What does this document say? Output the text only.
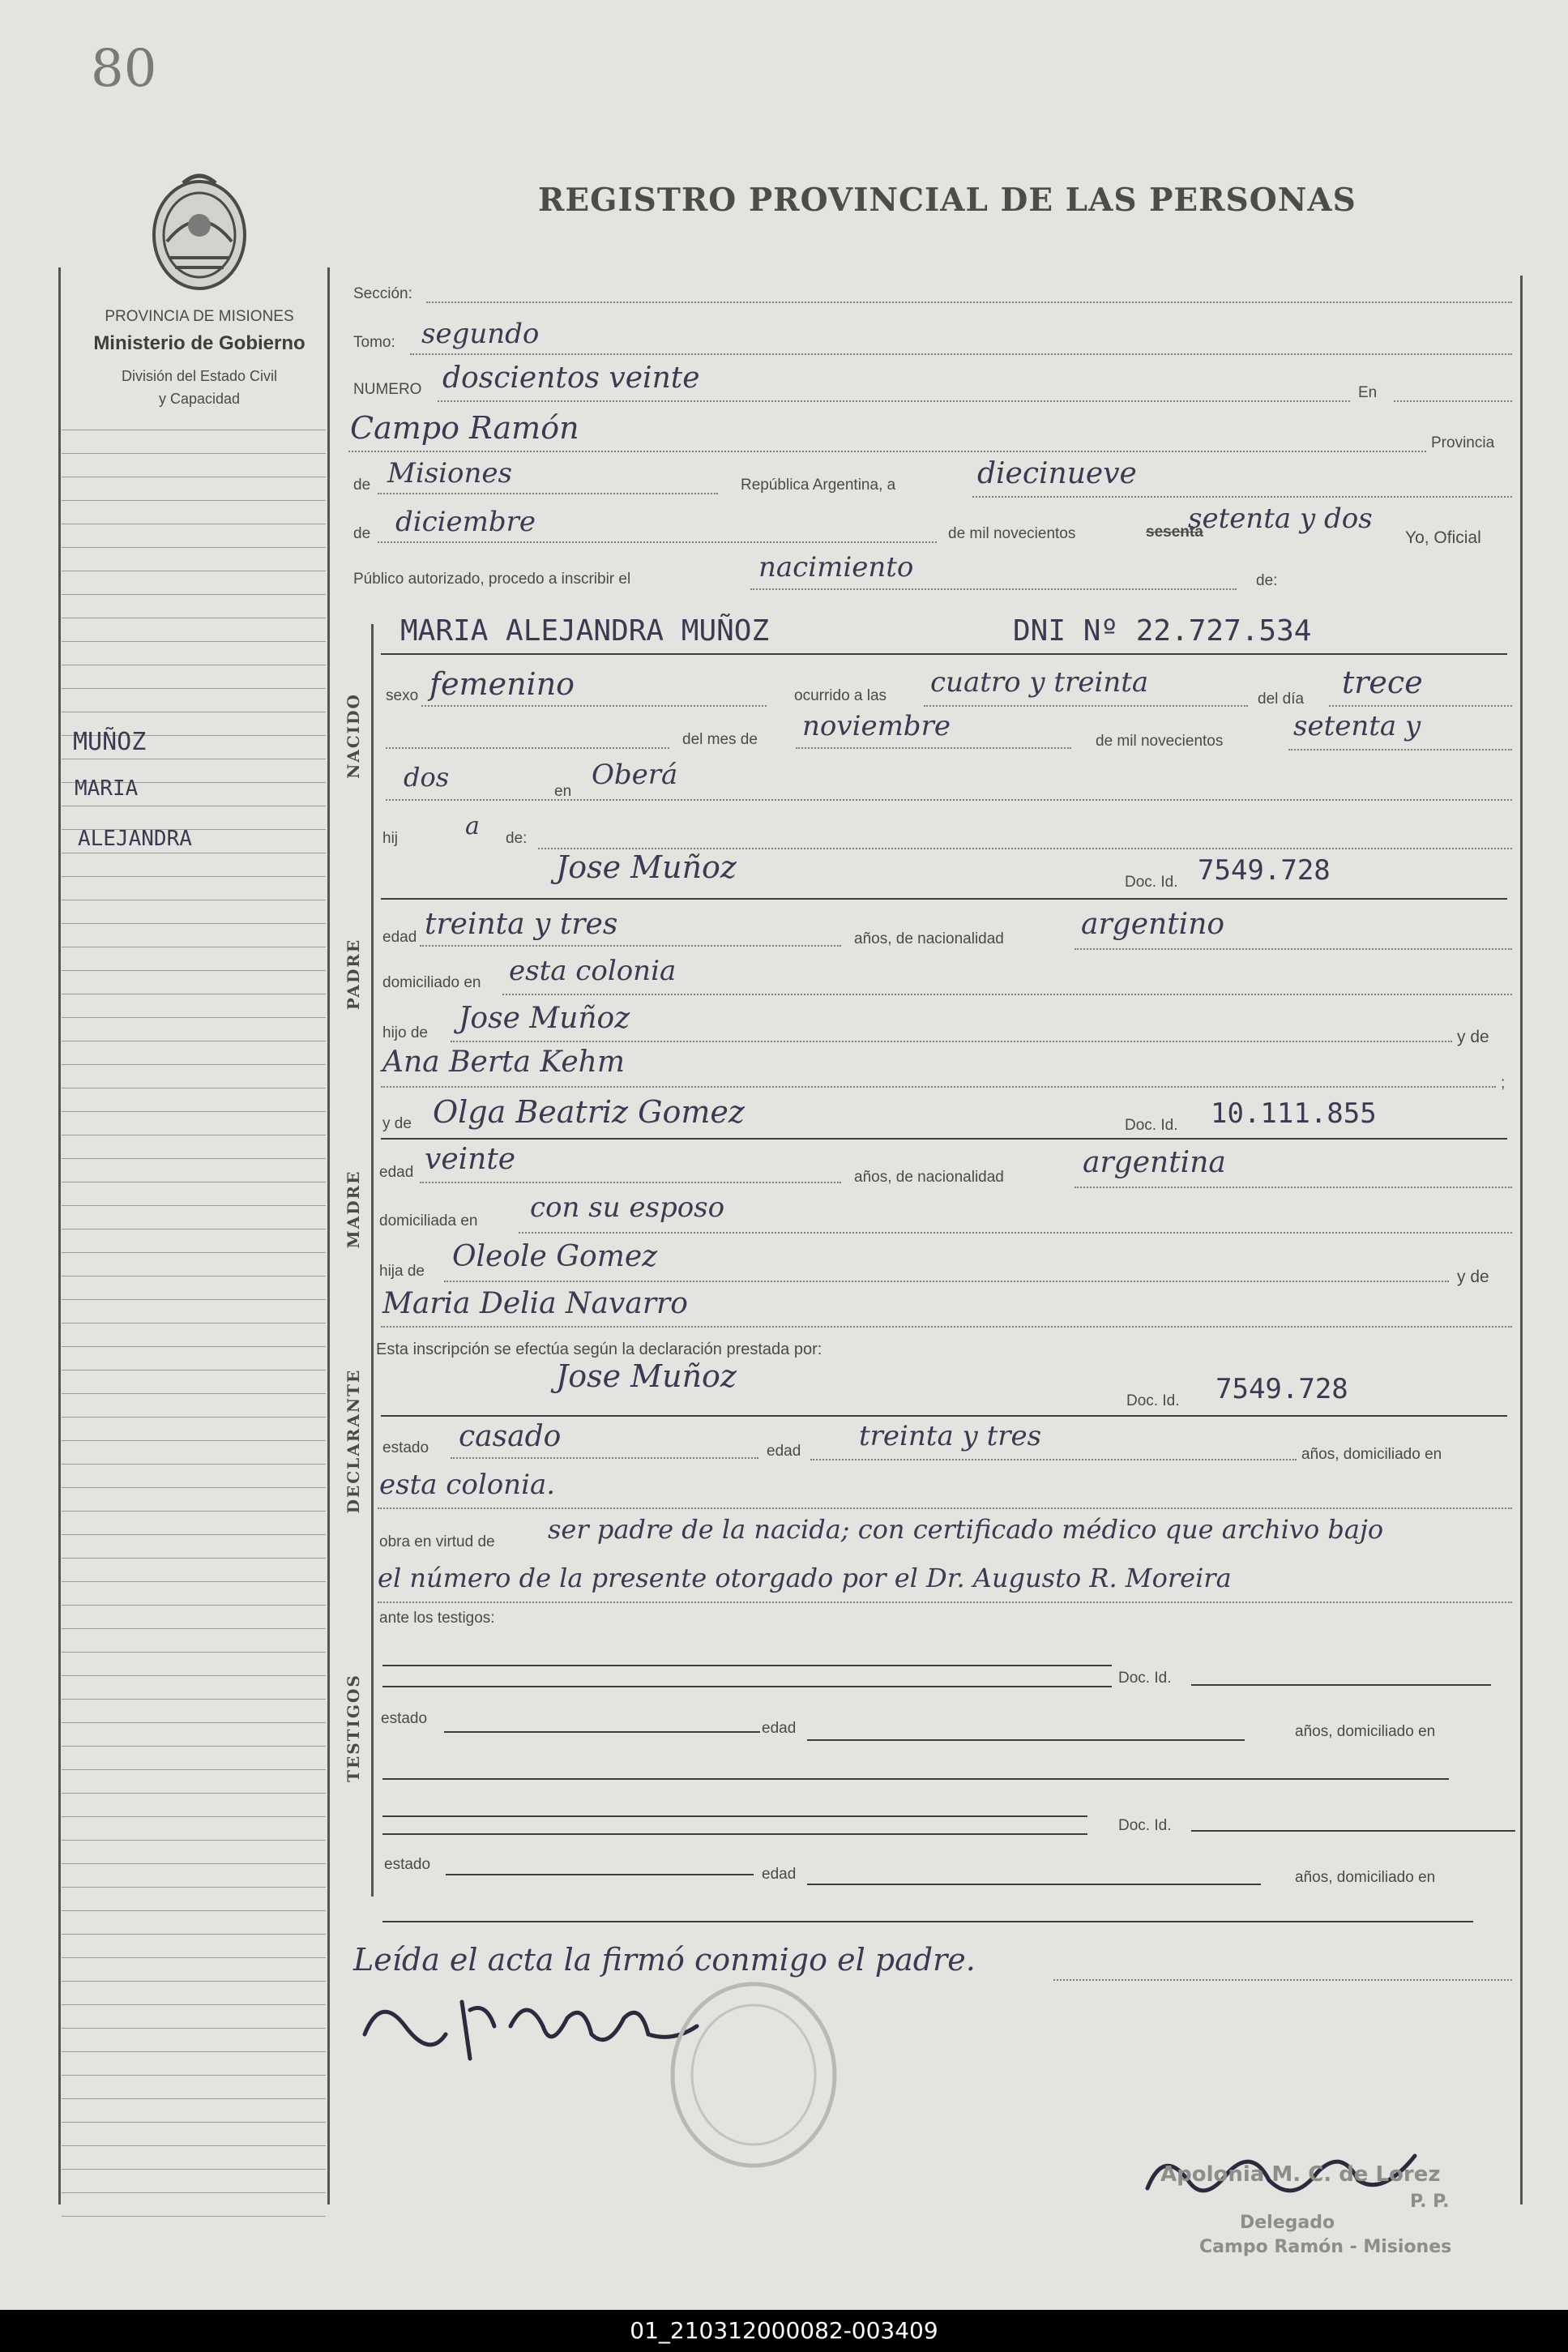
80
REGISTRO PROVINCIAL DE LAS PERSONAS
PROVINCIA DE MISIONES
Ministerio de Gobierno
División del Estado Civil
y Capacidad
MUÑOZ
MARIA
ALEJANDRA
NACIDO
PADRE
MADRE
DECLARANTE
TESTIGOS
Sección:
Tomo: segundo
NUMERO doscientos veinte	En
Campo Ramón	Provincia
de Misiones	República Argentina, a	diecinueve
de diciembre	de mil novecientos	sesenta
setenta y dos
Yo, Oficial
Público autorizado, procedo a inscribir el	nacimiento	de:
MARIA ALEJANDRA MUÑOZ	DNI Nº 22.727.534
sexo femenino	ocurrido a las cuatro y treinta
del día trece
del mes de noviembre	de mil novecientos	setenta y
dos	en
Oberá
hij	a de:
Jose Muñoz	Doc. Id. 7549.728
edad treinta y tres	años, de nacionalidad	argentino
domiciliado en esta colonia
hijo de Jose Muñoz
y de
Ana Berta Kehm
;
y de Olga Beatriz Gomez	Doc. Id. 10.111.855
edad veinte
años, de nacionalidad	argentina
domiciliada en con su esposo
hija de Oleole Gomez
y de
Maria Delia Navarro
Esta inscripción se efectúa según la declaración prestada por:
Jose Muñoz
Doc. Id. 7549.728
estado casado	edad treinta y tres
años, domiciliado en
esta colonia.
obra en virtud de ser padre de la nacida; con certificado médico que archivo bajo
el número de la presente otorgado por el Dr. Augusto R. Moreira
ante los testigos:
Doc. Id.
estado
edad	años, domiciliado en
Doc. Id.
estado
edad	años, domiciliado en
Leída el acta la firmó conmigo el padre.
Apolonia M. C. de Lorez
P. P.
Delegado
Campo Ramón - Misiones
01_210312000082-003409
